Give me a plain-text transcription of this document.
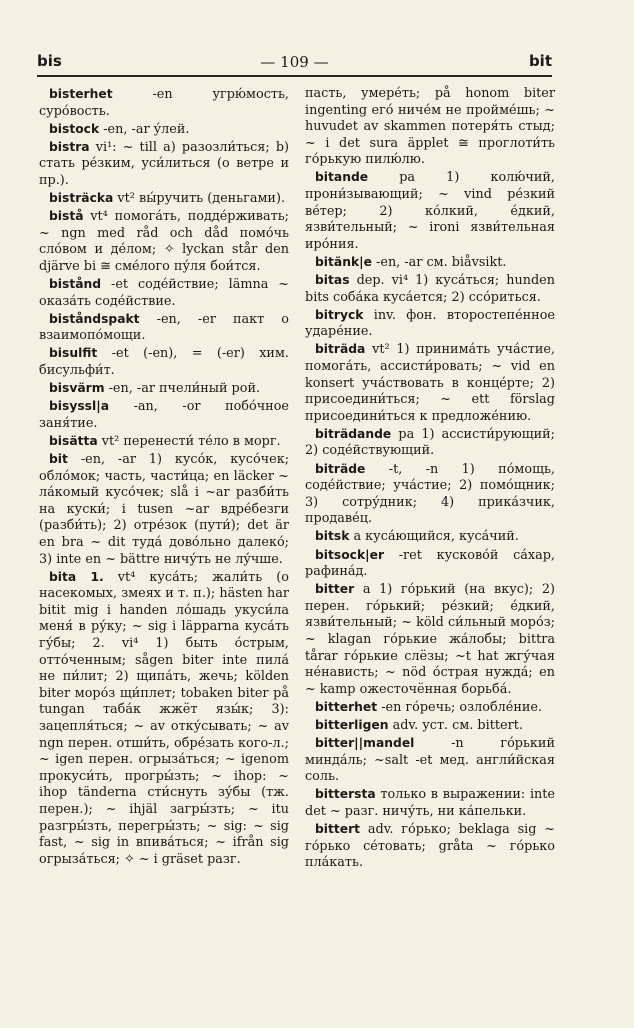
bis	— 109 —	bit

bisterhet	-en угрю́мость, суро́вость.

bistock -en, -ar у́лей.

bistra vi¹: ~ till a) разозли́ться; b) стать ре́зким, уси́литься (о ветре и пр.).

bisträcka vt² вы́ручить (деньгами).

bistå vt⁴ помога́ть, подде́рживать; ~ ngn med råd och dåd помо́чь сло́вом и де́лом; ✧ lyckan står den djärve bi ≅ сме́лого пу́ля бои́тся.

bistånd -et соде́йствие; lämna ~ оказа́ть соде́йствие.

biståndspakt -en, -er пакт о взаимопо́мощи.

bisulfit -et (-en), = (-er) хим. бисульфи́т.

bisvärm -en, -ar пчели́ный рой.

bisyssl|a -an, -or побо́чное заня́тие.

bisätta vt² перенести́ те́ло в морг.

bit -en, -ar 1) кусо́к, кусо́чек; обло́мок; часть, части́ца; en läcker ~ ла́комый кусо́чек; slå i ~ar разби́ть на куски́; i tusen ~ar вдре́безги (разби́ть); 2) отре́зок (пути́); det är en bra ~ dit туда́ дово́льно далеко́; 3) inte en ~ bättre ничу́ть не лу́чше.

bita 1. vt⁴ куса́ть; жали́ть (о насекомых, змеях и т. п.); hästen har bitit mig i handen ло́шадь укуси́ла меня́ в ру́ку; ~ sig i läpparna куса́ть гу́бы; 2. vi⁴ 1) быть о́стрым, отто́ченным; sågen biter inte пила́ не пи́лит; 2) щипа́ть, жечь; kölden biter моро́з щи́плет; tobaken biter på tungan таба́к жжёт язы́к; 3): зацепля́ться; ~ av отку́сывать; ~ av ngn перен. отши́ть, обре́зать кого-л.; ~ igen перен. огрыза́ться; ~ igenom прокуси́ть, прогры́зть; ~ ihop: ~ ihop tänderna сти́снуть зу́бы (тж. перен.); ~ ihjäl загры́зть; ~ itu разгры́зть, перегры́зть; ~ sig: ~ sig fast, ~ sig in впива́ться; ~ ifrån sig огрыза́ться; ✧ ~ i gräset разг.

пасть, умере́ть; på honom biter ingenting его́ ниче́м не пройме́шь; ~ huvudet av skammen потеря́ть стыд; ~ i det sura äpplet ≅ проглоти́ть го́рькую пилю́лю.

bitande pa 1) колю́чий, прони́зывающий; ~ vind ре́зкий ве́тер; 2) ко́лкий, е́дкий, язви́тельный; ~ ironi язви́тельная иро́ния.

bitänk|e -en, -ar см. biåvsikt.

bitas dep. vi⁴ 1) куса́ться; hunden bits соба́ка куса́ется; 2) ссо́риться.

bitryck inv. фон. второстепе́нное ударе́ние.

biträda vt² 1) принима́ть уча́стие, помога́ть, ассисти́ровать; ~ vid en konsert уча́ствовать в конце́рте; 2) присоедини́ться; ~ ett förslag присоедини́ться к предложе́нию.

biträdande pa 1) ассисти́рующий; 2) соде́йствующий.

biträde -t, -n 1) по́мощь, соде́йствие; уча́стие; 2) помо́щник; 3) сотру́дник; 4) прика́зчик, продаве́ц.

bitsk a куса́ющийся, куса́чий.

bitsock|er -ret кусково́й са́хар, рафина́д.

bitter a 1) го́рький (на вкус); 2) перен. го́рький; ре́зкий; е́дкий, язви́тельный; ~ köld си́льный моро́з; ~ klagan го́рькие жа́лобы; bittra tårar го́рькие слёзы; ~t hat жгу́чая не́нависть; ~ nöd о́страя нужда́; en ~ kamp ожесточённая борьба́.

bitterhet -en го́речь; озлобле́ние.

bitterligen adv. уст. см. bittert.

bitter||mandel	-n го́рький минда́ль; ~salt -et мед. англи́йская соль.

bittersta только в выражении: inte det ~ разг. ничу́ть, ни ка́пельки.

bittert adv. го́рько; beklaga sig ~ го́рько се́товать; gråta ~ го́рько пла́кать.
